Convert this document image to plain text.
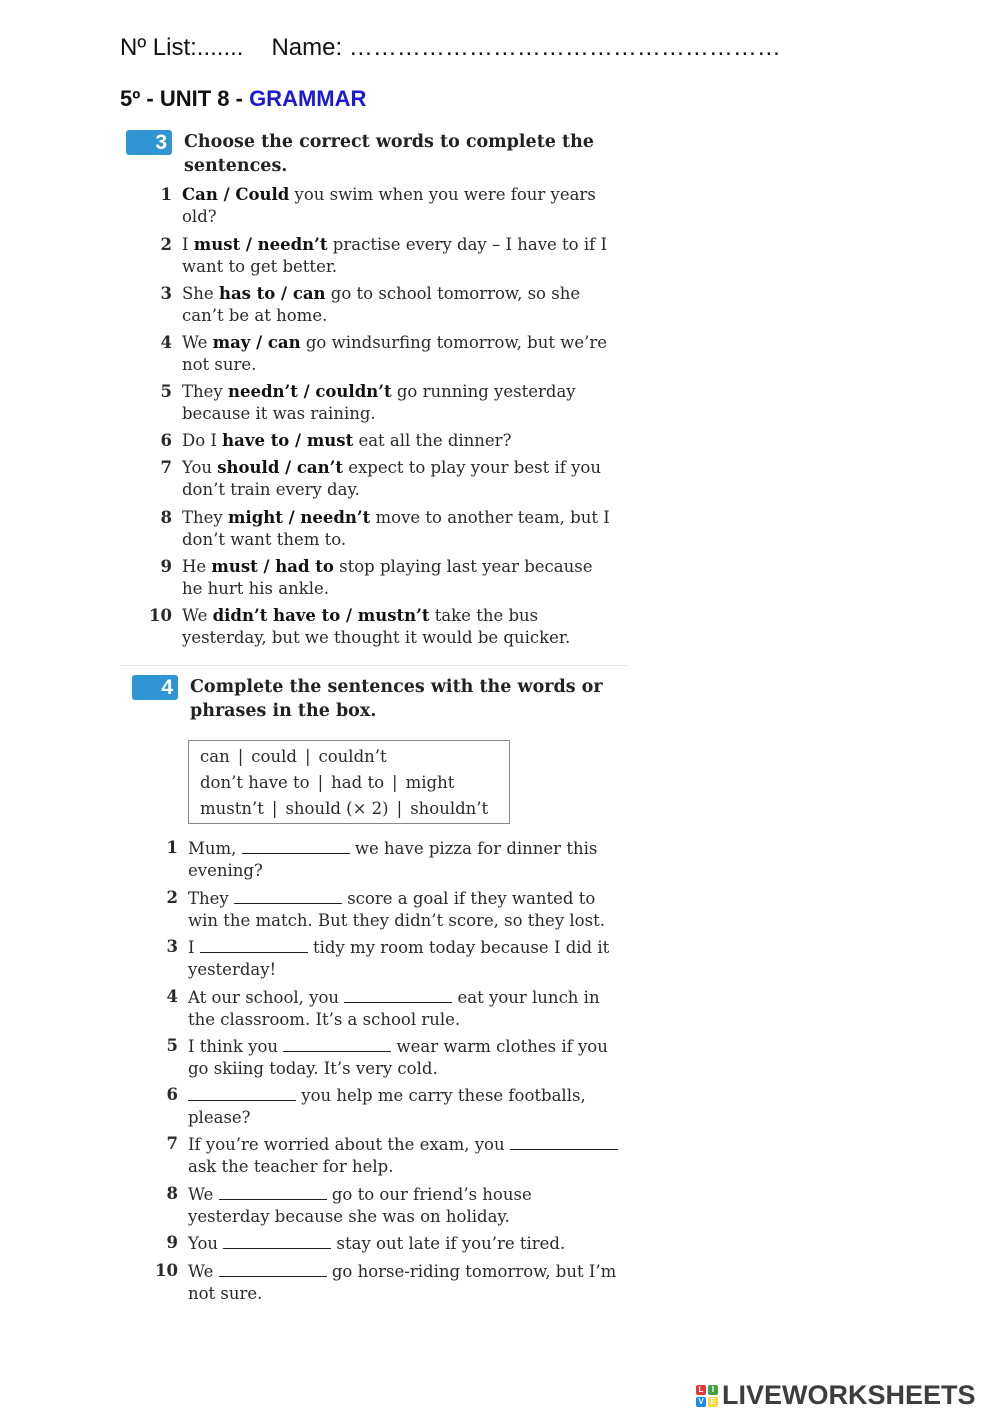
Nº List:....... Name: ………………………………………………
5º - UNIT 8 - GRAMMAR
3 Choose the correct words to complete the sentences.
1 Can / Could you swim when you were four years old?
2 I must / needn’t practise every day – I have to if I want to get better.
3 She has to / can go to school tomorrow, so she can’t be at home.
4 We may / can go windsurfing tomorrow, but we’re not sure.
5 They needn’t / couldn’t go running yesterday because it was raining.
6 Do I have to / must eat all the dinner?
7 You should / can’t expect to play your best if you don’t train every day.
8 They might / needn’t move to another team, but I don’t want them to.
9 He must / had to stop playing last year because he hurt his ankle.
10 We didn’t have to / mustn’t take the bus yesterday, but we thought it would be quicker.
4 Complete the sentences with the words or phrases in the box.
can | could | couldn’t
don’t have to | had to | might
mustn’t | should (× 2) | shouldn’t
1 Mum,	we have pizza for dinner this evening?
2 They	score a goal if they wanted to win the match. But they didn’t score, so they lost.
3 I	tidy my room today because I did it yesterday!
4 At our school, you	eat your lunch in the classroom. It’s a school rule.
5 I think you	wear warm clothes if you go skiing today. It’s very cold.
6	you help me carry these footballs, please?
7 If you’re worried about the exam, you  ask the teacher for help.
8 We	go to our friend’s house yesterday because she was on holiday.
9 You	stay out late if you’re tired.
10 We	go horse-riding tomorrow, but I’m not sure.
L	I
V E LIVEWORKSHEETS
